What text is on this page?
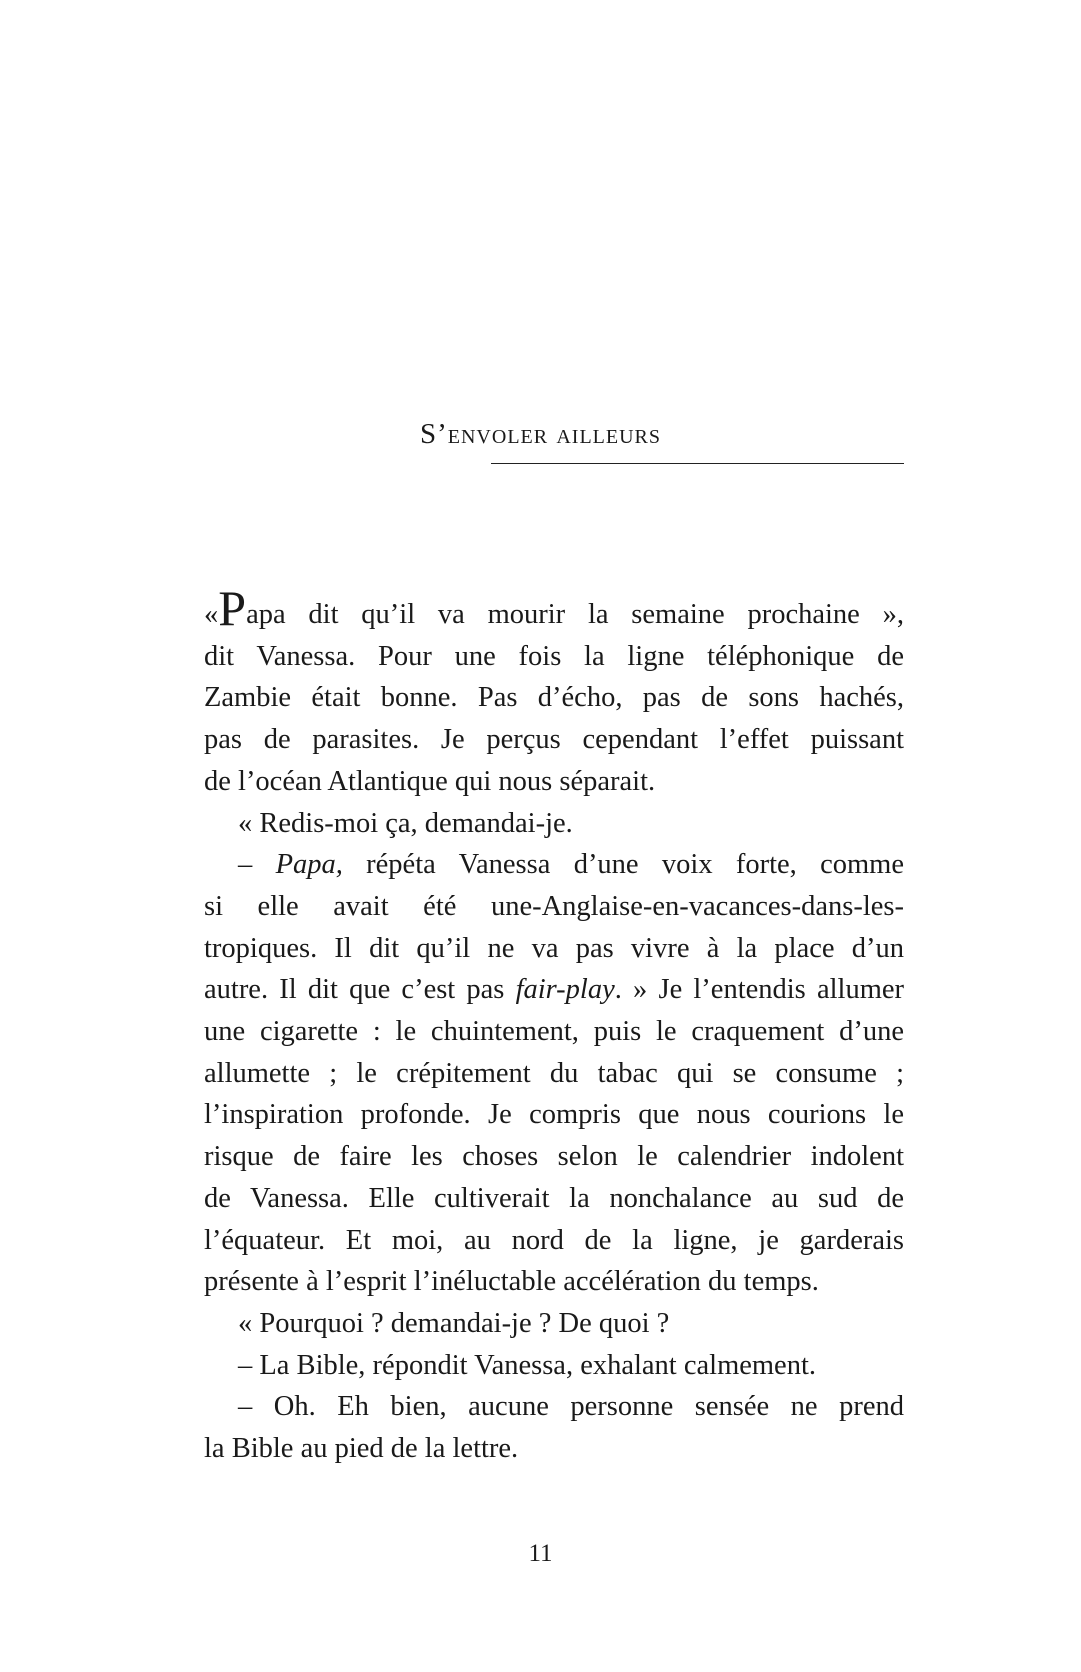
S’envoler ailleurs
«Papa dit qu’il va mourir la semaine prochaine »,
dit Vanessa. Pour une fois la ligne téléphonique de
Zambie était bonne. Pas d’écho, pas de sons hachés,
pas de parasites. Je perçus cependant l’effet puissant
de l’océan Atlantique qui nous séparait.
« Redis-moi ça, demandai-je.
– Papa, répéta Vanessa d’une voix forte, comme
si elle avait été une-Anglaise-en-vacances-dans-les-
tropiques. Il dit qu’il ne va pas vivre à la place d’un
autre. Il dit que c’est pas fair-play. » Je l’entendis allumer
une cigarette : le chuintement, puis le craquement d’une
allumette ; le crépitement du tabac qui se consume ;
l’inspiration profonde. Je compris que nous courions le
risque de faire les choses selon le calendrier indolent
de Vanessa. Elle cultiverait la nonchalance au sud de
l’équateur. Et moi, au nord de la ligne, je garderais
présente à l’esprit l’inéluctable accélération du temps.
« Pourquoi ? demandai-je ? De quoi ?
– La Bible, répondit Vanessa, exhalant calmement.
– Oh. Eh bien, aucune personne sensée ne prend
la Bible au pied de la lettre.
11
